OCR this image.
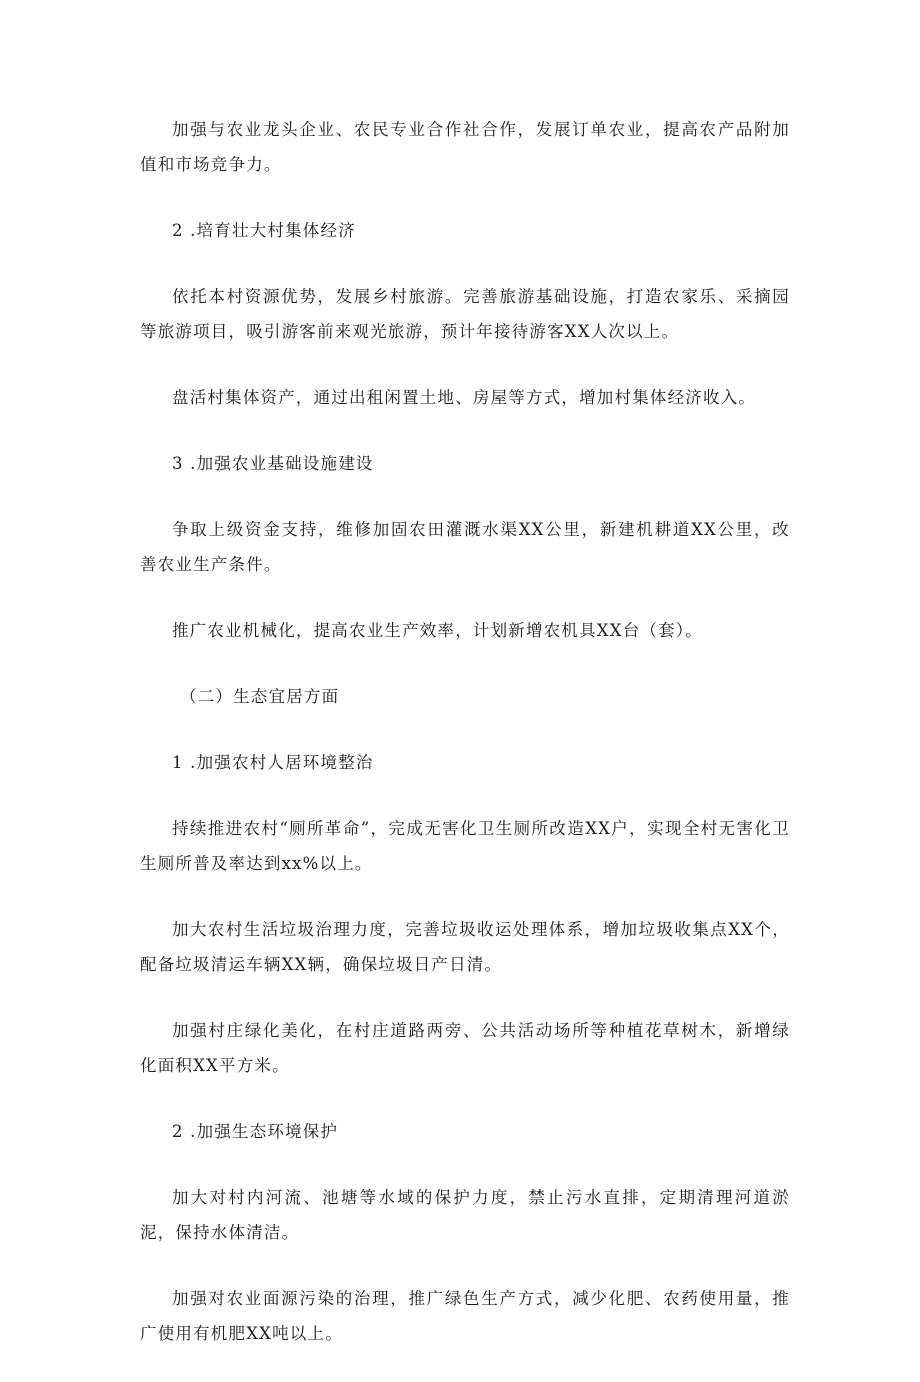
加强与农业龙头企业、农民专业合作社合作，发展订单农业，提高农产品附加值和市场竞争力。

2 .培育壮大村集体经济

依托本村资源优势，发展乡村旅游。完善旅游基础设施，打造农家乐、采摘园等旅游项目，吸引游客前来观光旅游，预计年接待游客XX人次以上。

盘活村集体资产，通过出租闲置土地、房屋等方式，增加村集体经济收入。

3 .加强农业基础设施建设

争取上级资金支持，维修加固农田灌溉水渠XX公里，新建机耕道XX公里，改善农业生产条件。

推广农业机械化，提高农业生产效率，计划新增农机具XX台（套）。

（二）生态宜居方面

1 .加强农村人居环境整治

持续推进农村“厕所革命”，完成无害化卫生厕所改造XX户，实现全村无害化卫生厕所普及率达到xx%以上。

加大农村生活垃圾治理力度，完善垃圾收运处理体系，增加垃圾收集点XX个，配备垃圾清运车辆XX辆，确保垃圾日产日清。

加强村庄绿化美化，在村庄道路两旁、公共活动场所等种植花草树木，新增绿化面积XX平方米。

2 .加强生态环境保护

加大对村内河流、池塘等水域的保护力度，禁止污水直排，定期清理河道淤泥，保持水体清洁。

加强对农业面源污染的治理，推广绿色生产方式，减少化肥、农药使用量，推广使用有机肥XX吨以上。
